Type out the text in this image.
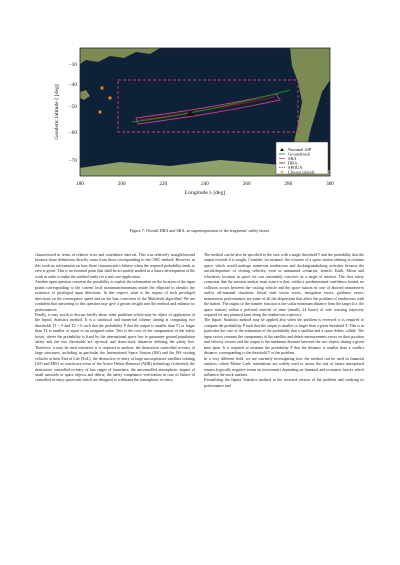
−30
−40
−50
−60
−70
180	200	220	240	260	280	300
Longitude λ [deg]
Geodetic latitude ζ [deg]
Nominal AIP
Groundtrack
SRA
DRA
SPOUA
★ Chosen islands
Figure 7: Overall DRA and SRA, as superimposition of the fragments' safety boxes.

characterized in terms of relative error and confidence interval. This was relatively straightforward because those definitions directly come from those corresponding to the CMC method. However, in this work no information on how these characteristics behave when the required probability tends to zero is given. This is an essential point that shall be accurately studied in a future development of the work in order to make the method ready for a real case application.

Another open question concerns the possibility to exploit the information on the location of the input points corresponding to the current local maximum/minimum inside the ellipsoid to identify the existence of privileged input directions. In this respect, what is the impact of such privileged directions on the convergence speed and on the bias correction of the Multilevel algorithm? We are confident that answering to this question may give a greater insight into the method and enhance its performances.

Finally, it may worth to discuss briefly about other problems which may be object of application of the Inputs' Statistics method. It is a statistical and numerical scheme aiming at computing two thresholds T1 < 0 and T2 > 0 such that the probability P that the output is smaller than T1 or larger than T2 is smaller or equal to an assigned value. This is the case of the computation of the safety boxes, where the probability is fixed by the international space law to guarantee ground population safety and the two thresholds are up-track and down-track distances defining the safety box. Therefore, it may be used whenever it is required to analyse: the destructive controlled re-entry of large structures, including in particular the International Space Station (ISS) and the ISS visiting vehicles at their End of Life (EoL); the destructive re-entry of large uncooperative satellites orbiting LEO and MEO as conclusive event of the Active Debris Removal (ADR) technology (e.deorbit); the destructive controlled re-entry of last stages of launchers; the uncontrolled atmospheric impact of small asteroids or space objects and debris; the safety compliance verification in case of failure of controlled re-entry spacecraft which are designed to withstand the atmospheric re-entry.

The method can be also be specified to the case with a single threshold T and the probability that the output exceeds it is sought. Consider, for instance, the scenario of a space station orbiting in cislunar space, which would undergo numerous rendezvous and docking/undocking activities because the arrival/departure of visiting vehicles, even in unmanned scenarios, from/to Earth, Moon and whichever location in space we can reasonably conceive as a target of interest. The first safety constraint that the mission analyst must assure is that, within a predetermined confidence bound, no collision occurs between the visiting vehicle and the space station in case of aborted manoeuvres and/or off-nominal situations. Initial state vector errors, navigation errors, guidance errors, manoeuvres performances are some of all the dispersions that affect the problem of rendezvous with the station. The output of the transfer function is the scalar minimum distance from the target (i.e. the space station) within a prefixed interval of time (usually 24 hours) of safe coasting trajectory required for any planned burn along the rendezvous trajectory.

The Inputs' Statistics method may be applied also when the problem is reversed: it is required to compute the probability P such that the output is smaller or larger than a given threshold T. This is in particular the case of the estimation of the probability that a satellite and a space debris collide. The input vector contains the components of the satellite and debris measurements errors on their position and velocity vectors and the output is the minimum distance between the two objects during a given time span. It is required to estimate the probability P that the distance is smaller than a conflict distance, corresponding to the threshold T of the problem.

In a very different field, we are currently investigating how the method can be used in financial analysis, where Monte Carlo simulations are widely used to assess the risk of future unexpected returns (typically negative return on investment) depending on financial and economic factors which influence the stock markets.

Formalizing the Inputs' Statistics method in the reversed version of the problem and studying its performance and
